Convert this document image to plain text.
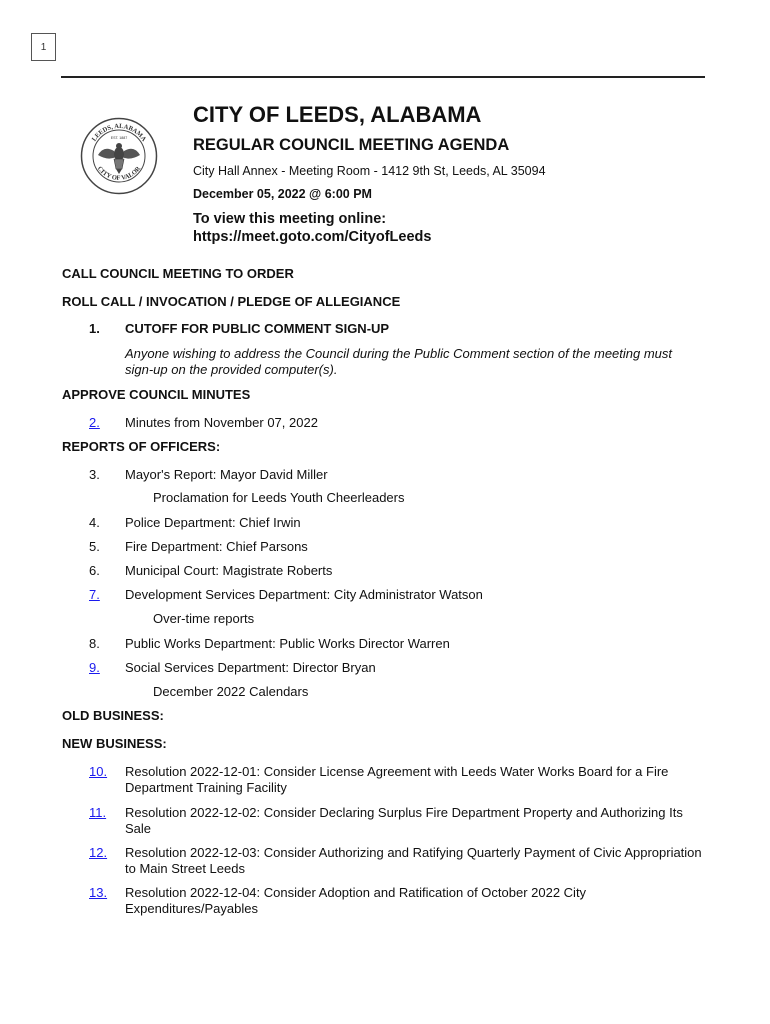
1
LEEDS, ALABAMA
CITY OF VALOR
EST. 1887
CITY OF LEEDS, ALABAMA
REGULAR COUNCIL MEETING AGENDA
City Hall Annex - Meeting Room - 1412 9th St, Leeds, AL 35094
December 05, 2022 @ 6:00 PM
To view this meeting online:
https://meet.goto.com/CityofLeeds
CALL COUNCIL MEETING TO ORDER
ROLL CALL / INVOCATION / PLEDGE OF ALLEGIANCE
1. CUTOFF FOR PUBLIC COMMENT SIGN-UP
Anyone wishing to address the Council during the Public Comment section of the meeting must sign-up on the provided computer(s).
APPROVE COUNCIL MINUTES
2. Minutes from November 07, 2022
REPORTS OF OFFICERS:
3. Mayor's Report: Mayor David Miller
Proclamation for Leeds Youth Cheerleaders
4. Police Department: Chief Irwin
5. Fire Department: Chief Parsons
6. Municipal Court: Magistrate Roberts
7. Development Services Department: City Administrator Watson
Over-time reports
8. Public Works Department: Public Works Director Warren
9. Social Services Department: Director Bryan
December 2022 Calendars
OLD BUSINESS:
NEW BUSINESS:
10. Resolution 2022-12-01: Consider License Agreement with Leeds Water Works Board for a Fire Department Training Facility
11. Resolution 2022-12-02: Consider Declaring Surplus Fire Department Property and Authorizing Its Sale
12. Resolution 2022-12-03: Consider Authorizing and Ratifying Quarterly Payment of Civic Appropriation to Main Street Leeds
13. Resolution 2022-12-04: Consider Adoption and Ratification of October 2022 City Expenditures/Payables
